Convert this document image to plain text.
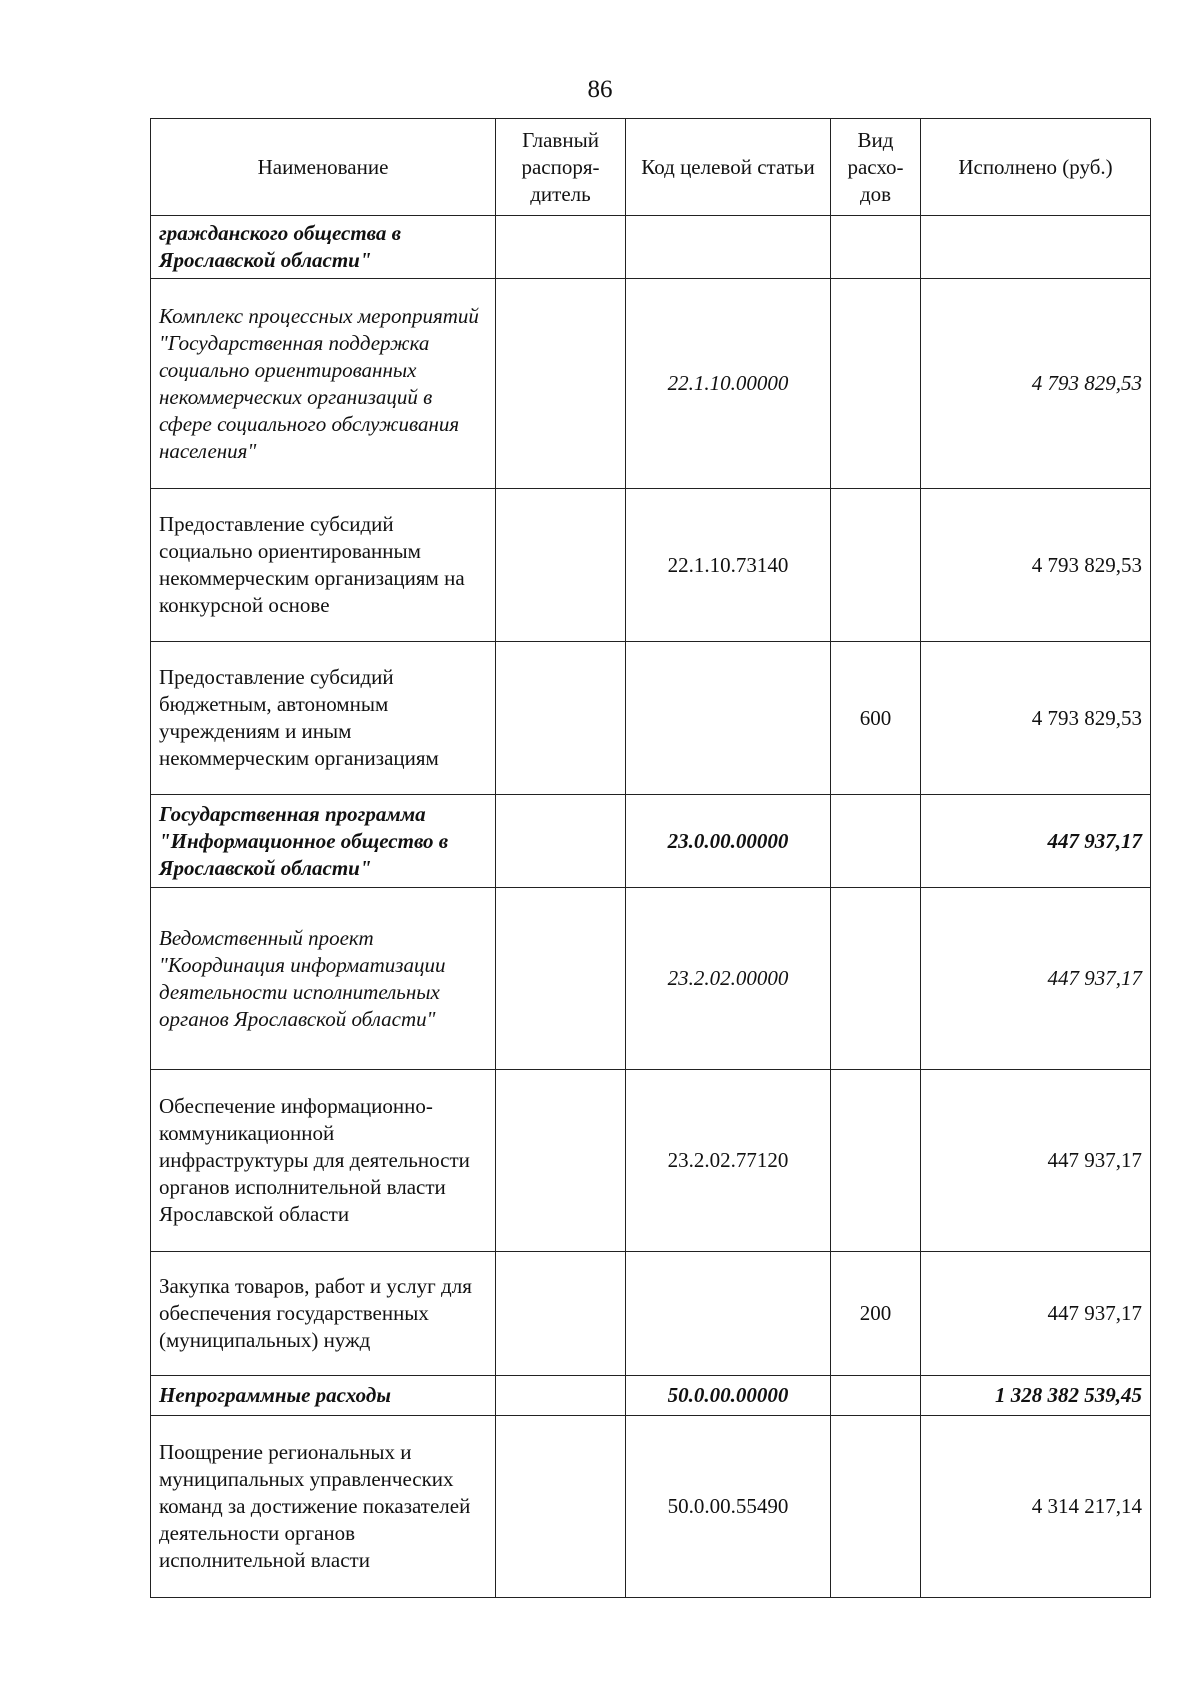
86
Наименование	Главный распоря-дитель	Код целевой статьи	Вид расхо-дов	Исполнено (руб.)
гражданского общества в Ярославской области"				
Комплекс процессных мероприятий "Государственная поддержка социально ориентированных некоммерческих организаций в сфере социального обслуживания населения"		22.1.10.00000		4 793 829,53
Предоставление субсидий социально ориентированным некоммерческим организациям на конкурсной основе		22.1.10.73140		4 793 829,53
Предоставление субсидий бюджетным, автономным учреждениям и иным некоммерческим организациям			600	4 793 829,53
Государственная программа "Информационное общество в Ярославской области"		23.0.00.00000		447 937,17
Ведомственный проект "Координация информатизации деятельности исполнительных органов Ярославской области"		23.2.02.00000		447 937,17
Обеспечение информационно-коммуникационной инфраструктуры для деятельности органов исполнительной власти Ярославской области		23.2.02.77120		447 937,17
Закупка товаров, работ и услуг для обеспечения государственных (муниципальных) нужд			200	447 937,17
Непрограммные расходы		50.0.00.00000		1 328 382 539,45
Поощрение региональных и муниципальных управленческих команд за достижение показателей деятельности органов исполнительной власти		50.0.00.55490		4 314 217,14
